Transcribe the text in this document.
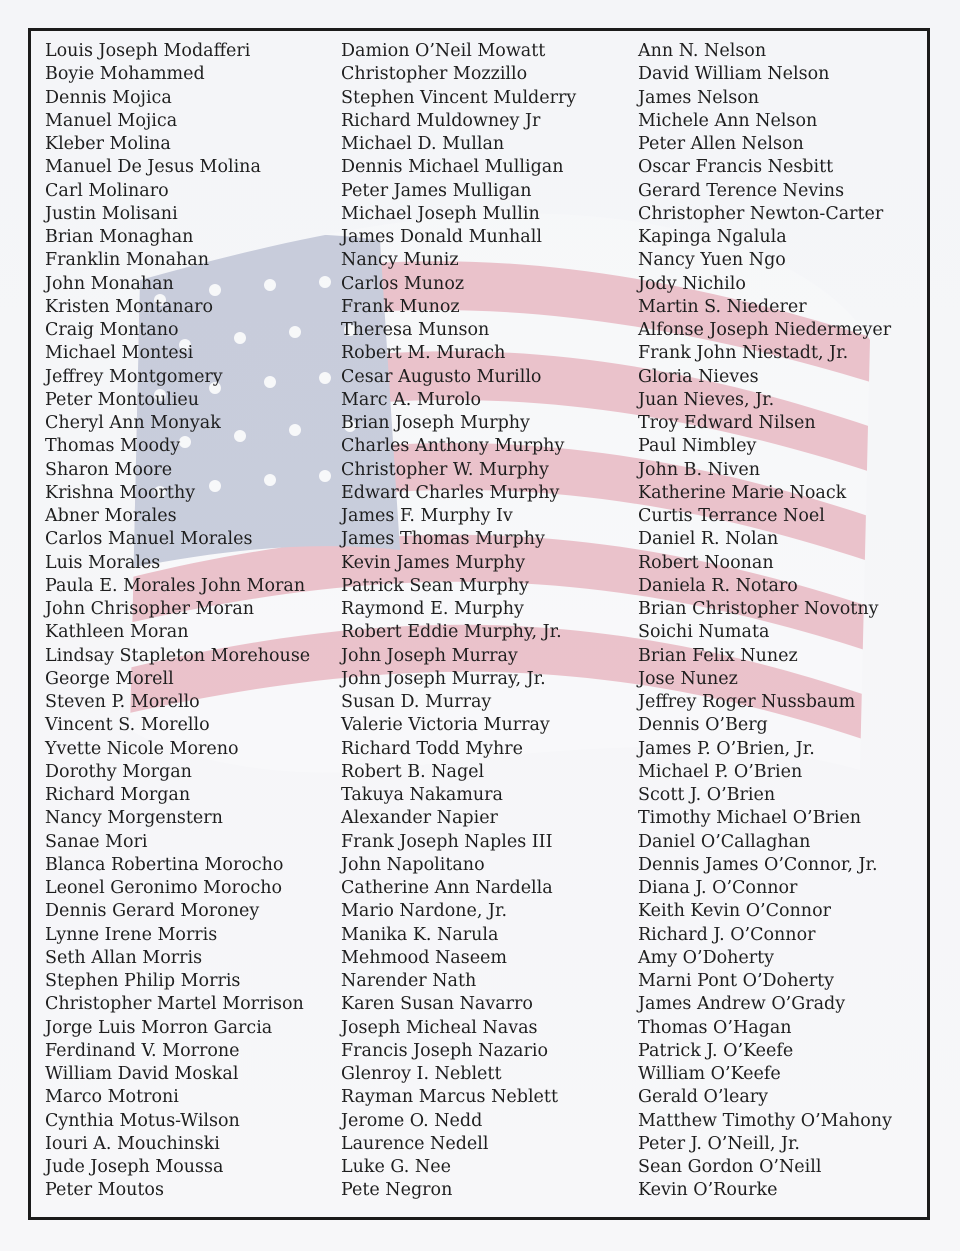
Louis Joseph Modafferi
Boyie Mohammed
Dennis Mojica
Manuel Mojica
Kleber Molina
Manuel De Jesus Molina
Carl Molinaro
Justin Molisani
Brian Monaghan
Franklin Monahan
John Monahan
Kristen Montanaro
Craig Montano
Michael Montesi
Jeffrey Montgomery
Peter Montoulieu
Cheryl Ann Monyak
Thomas Moody
Sharon Moore
Krishna Moorthy
Abner Morales
Carlos Manuel Morales
Luis Morales
Paula E. Morales John Moran
John Chrisopher Moran
Kathleen Moran
Lindsay Stapleton Morehouse
George Morell
Steven P. Morello
Vincent S. Morello
Yvette Nicole Moreno
Dorothy Morgan
Richard Morgan
Nancy Morgenstern
Sanae Mori
Blanca Robertina Morocho
Leonel Geronimo Morocho
Dennis Gerard Moroney
Lynne Irene Morris
Seth Allan Morris
Stephen Philip Morris
Christopher Martel Morrison
Jorge Luis Morron Garcia
Ferdinand V. Morrone
William David Moskal
Marco Motroni
Cynthia Motus-Wilson
Iouri A. Mouchinski
Jude Joseph Moussa
Peter Moutos
Damion O’Neil Mowatt
Christopher Mozzillo
Stephen Vincent Mulderry
Richard Muldowney Jr
Michael D. Mullan
Dennis Michael Mulligan
Peter James Mulligan
Michael Joseph Mullin
James Donald Munhall
Nancy Muniz
Carlos Munoz
Frank Munoz
Theresa Munson
Robert M. Murach
Cesar Augusto Murillo
Marc A. Murolo
Brian Joseph Murphy
Charles Anthony Murphy
Christopher W. Murphy
Edward Charles Murphy
James F. Murphy Iv
James Thomas Murphy
Kevin James Murphy
Patrick Sean Murphy
Raymond E. Murphy
Robert Eddie Murphy, Jr.
John Joseph Murray
John Joseph Murray, Jr.
Susan D. Murray
Valerie Victoria Murray
Richard Todd Myhre
Robert B. Nagel
Takuya Nakamura
Alexander Napier
Frank Joseph Naples III
John Napolitano
Catherine Ann Nardella
Mario Nardone, Jr.
Manika K. Narula
Mehmood Naseem
Narender Nath
Karen Susan Navarro
Joseph Micheal Navas
Francis Joseph Nazario
Glenroy I. Neblett
Rayman Marcus Neblett
Jerome O. Nedd
Laurence Nedell
Luke G. Nee
Pete Negron
Ann N. Nelson
David William Nelson
James Nelson
Michele Ann Nelson
Peter Allen Nelson
Oscar Francis Nesbitt
Gerard Terence Nevins
Christopher Newton-Carter
Kapinga Ngalula
Nancy Yuen Ngo
Jody Nichilo
Martin S. Niederer
Alfonse Joseph Niedermeyer
Frank John Niestadt, Jr.
Gloria Nieves
Juan Nieves, Jr.
Troy Edward Nilsen
Paul Nimbley
John B. Niven
Katherine Marie Noack
Curtis Terrance Noel
Daniel R. Nolan
Robert Noonan
Daniela R. Notaro
Brian Christopher Novotny
Soichi Numata
Brian Felix Nunez
Jose Nunez
Jeffrey Roger Nussbaum
Dennis O’Berg
James P. O’Brien, Jr.
Michael P. O’Brien
Scott J. O’Brien
Timothy Michael O’Brien
Daniel O’Callaghan
Dennis James O’Connor, Jr.
Diana J. O’Connor
Keith Kevin O’Connor
Richard J. O’Connor
Amy O’Doherty
Marni Pont O’Doherty
James Andrew O’Grady
Thomas O’Hagan
Patrick J. O’Keefe
William O’Keefe
Gerald O’leary
Matthew Timothy O’Mahony
Peter J. O’Neill, Jr.
Sean Gordon O’Neill
Kevin O’Rourke
